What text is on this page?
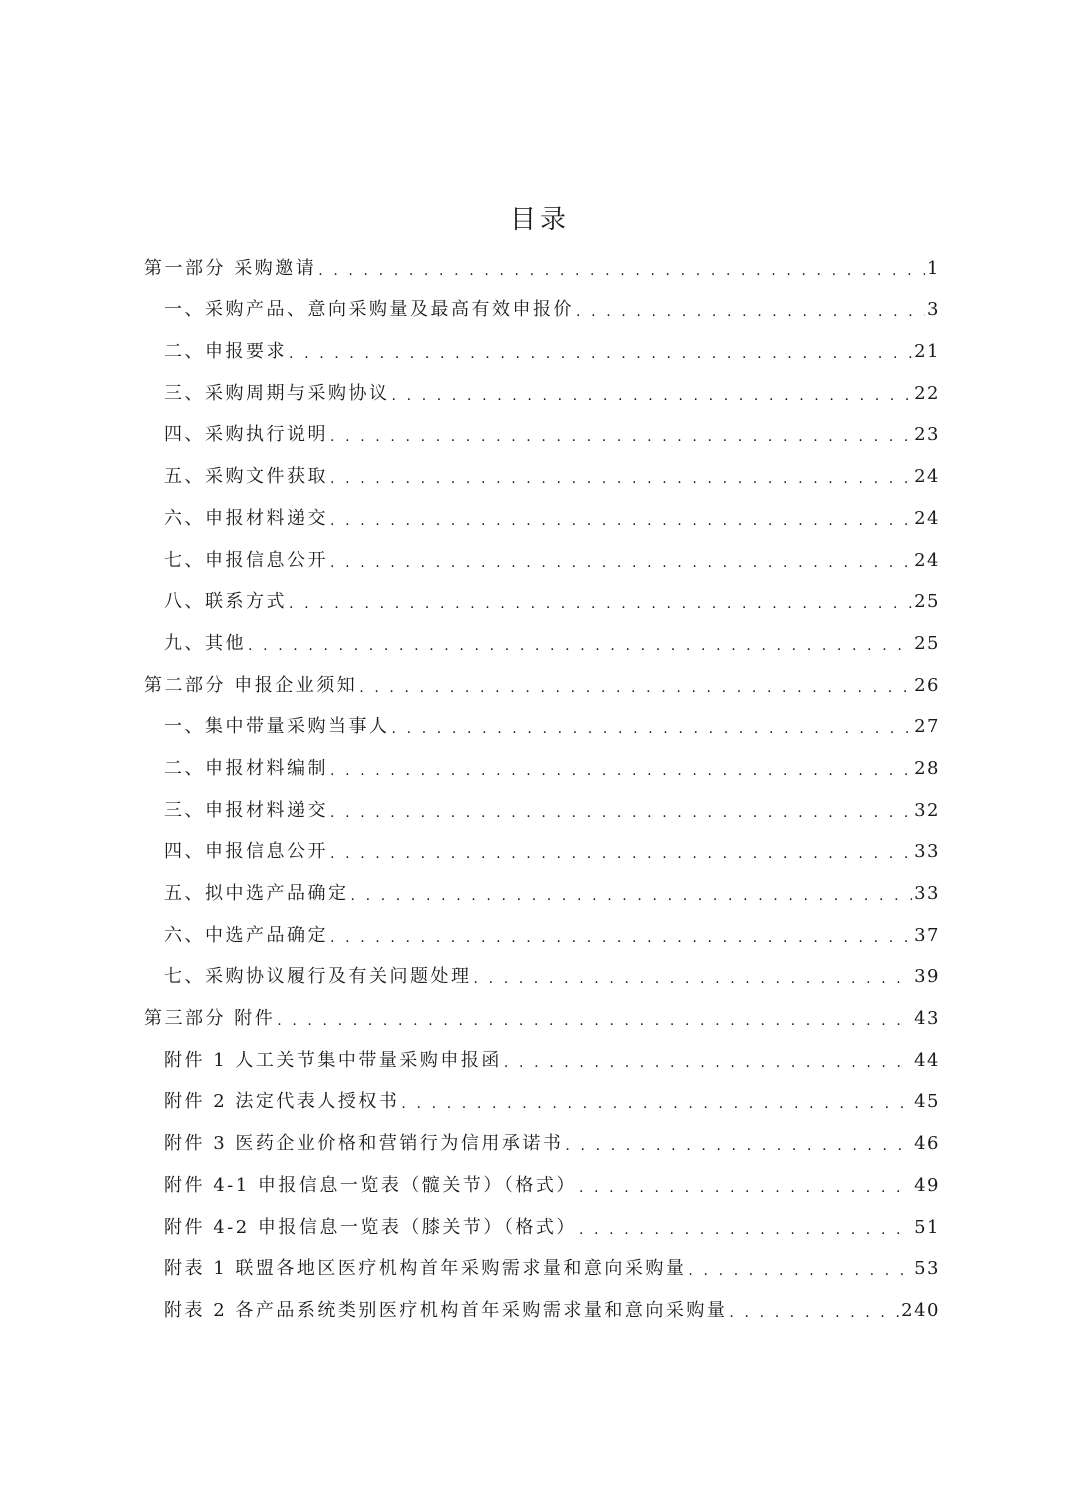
目录
第一部分 采购邀请 . . .	1
一、采购产品、意向采购量及最高有效申报价 . . .	3
二、申报要求 . . .	21
三、采购周期与采购协议 . . .	22
四、采购执行说明 . . .	23
五、采购文件获取 . . .	24
六、申报材料递交 . . .	24
七、申报信息公开 . . .	24
八、联系方式 . . .	25
九、其他 . . .	25
第二部分 申报企业须知 . . .	26
一、集中带量采购当事人 . . .	27
二、申报材料编制 . . .	28
三、申报材料递交 . . .	32
四、申报信息公开 . . .	33
五、拟中选产品确定 . . .	33
六、中选产品确定 . . .	37
七、采购协议履行及有关问题处理 . . .	39
第三部分 附件 . . .	43
附件 1 人工关节集中带量采购申报函 . . .	44
附件 2 法定代表人授权书 . . .	45
附件 3 医药企业价格和营销行为信用承诺书 . . .	46
附件 4-1 申报信息一览表（髋关节）（格式） . . .	49
附件 4-2 申报信息一览表（膝关节）（格式） . . .	51
附表 1 联盟各地区医疗机构首年采购需求量和意向采购量 . . .	53
附表 2 各产品系统类别医疗机构首年采购需求量和意向采购量 . . .	240
